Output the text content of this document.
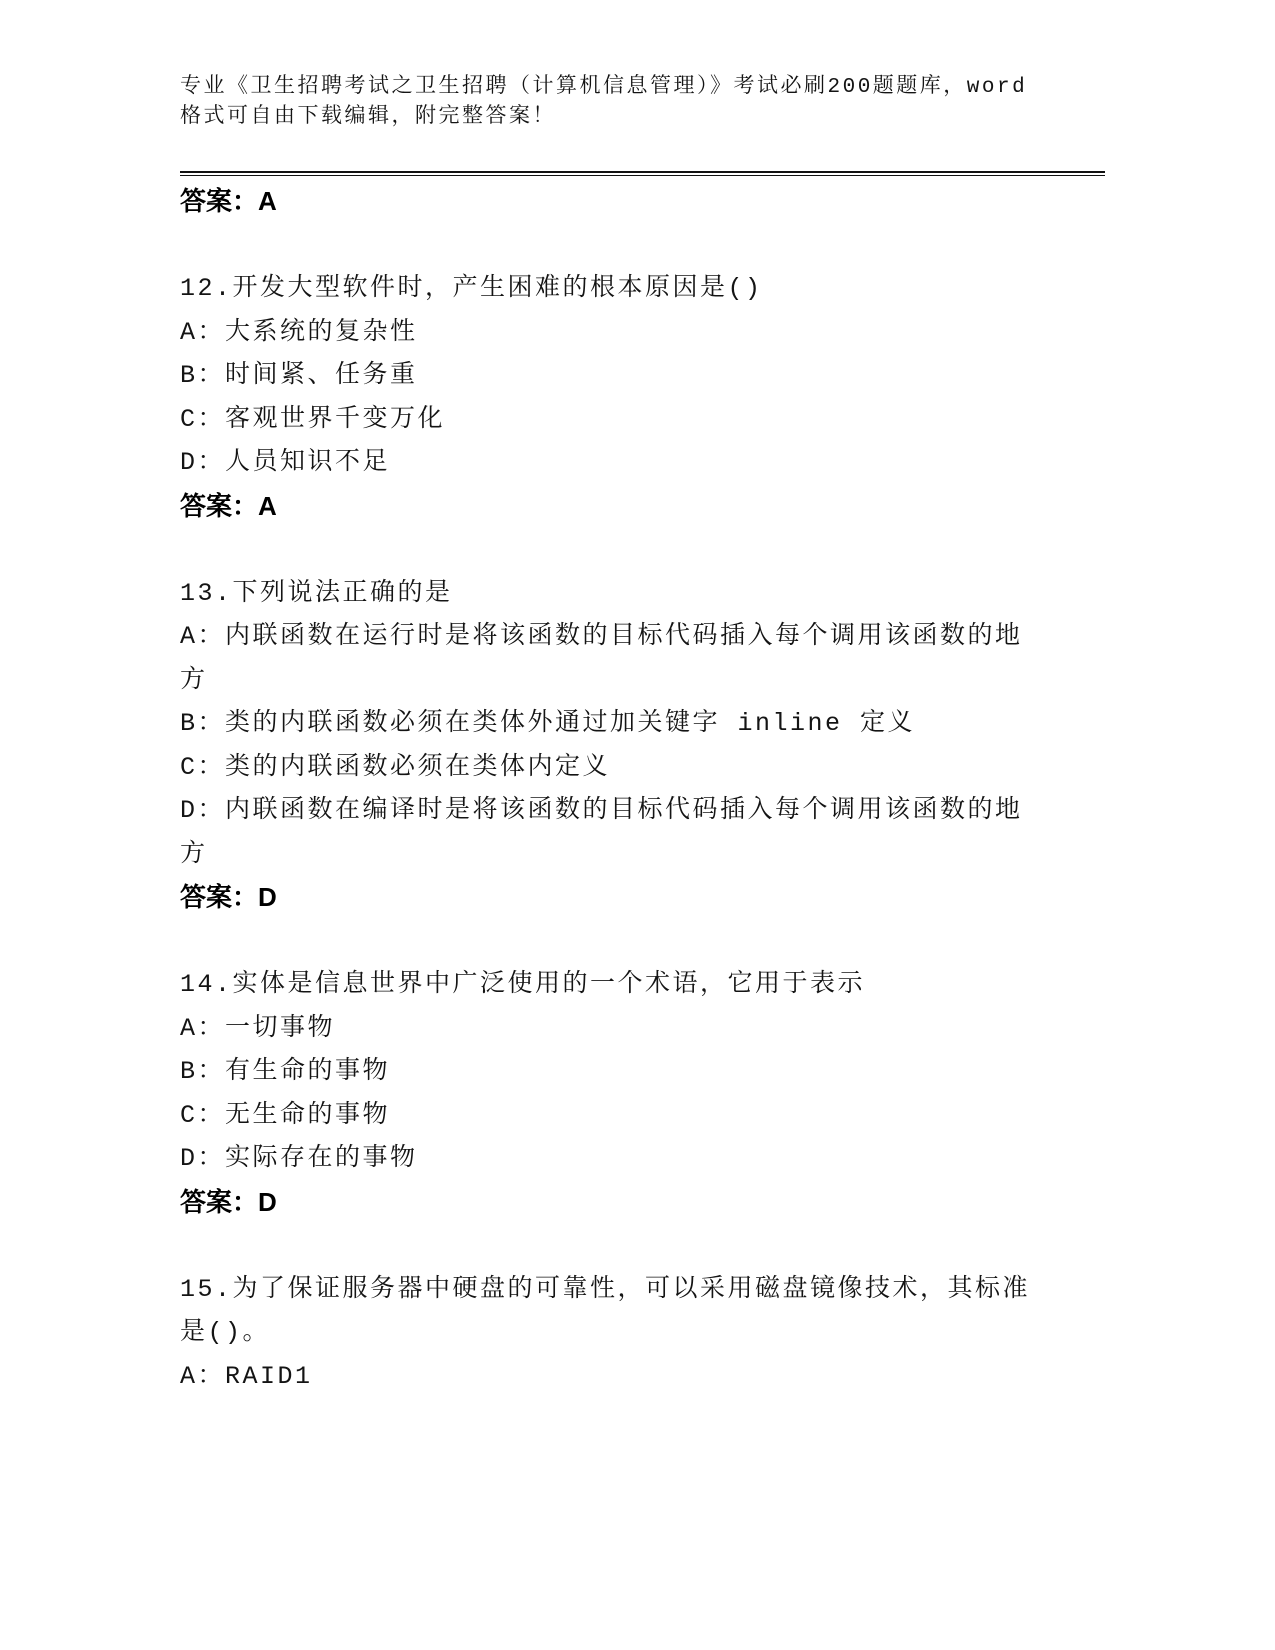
专业《卫生招聘考试之卫生招聘（计算机信息管理）》考试必刷200题题库，word格式可自由下载编辑，附完整答案！
答案：A
12.开发大型软件时，产生困难的根本原因是()
A：大系统的复杂性
B：时间紧、任务重
C：客观世界千变万化
D：人员知识不足
答案：A
13.下列说法正确的是
A：内联函数在运行时是将该函数的目标代码插入每个调用该函数的地方
B：类的内联函数必须在类体外通过加关键字 inline 定义
C：类的内联函数必须在类体内定义
D：内联函数在编译时是将该函数的目标代码插入每个调用该函数的地方
答案：D
14.实体是信息世界中广泛使用的一个术语，它用于表示
A：一切事物
B：有生命的事物
C：无生命的事物
D：实际存在的事物
答案：D
15.为了保证服务器中硬盘的可靠性，可以采用磁盘镜像技术，其标准是()。
A：RAID1
